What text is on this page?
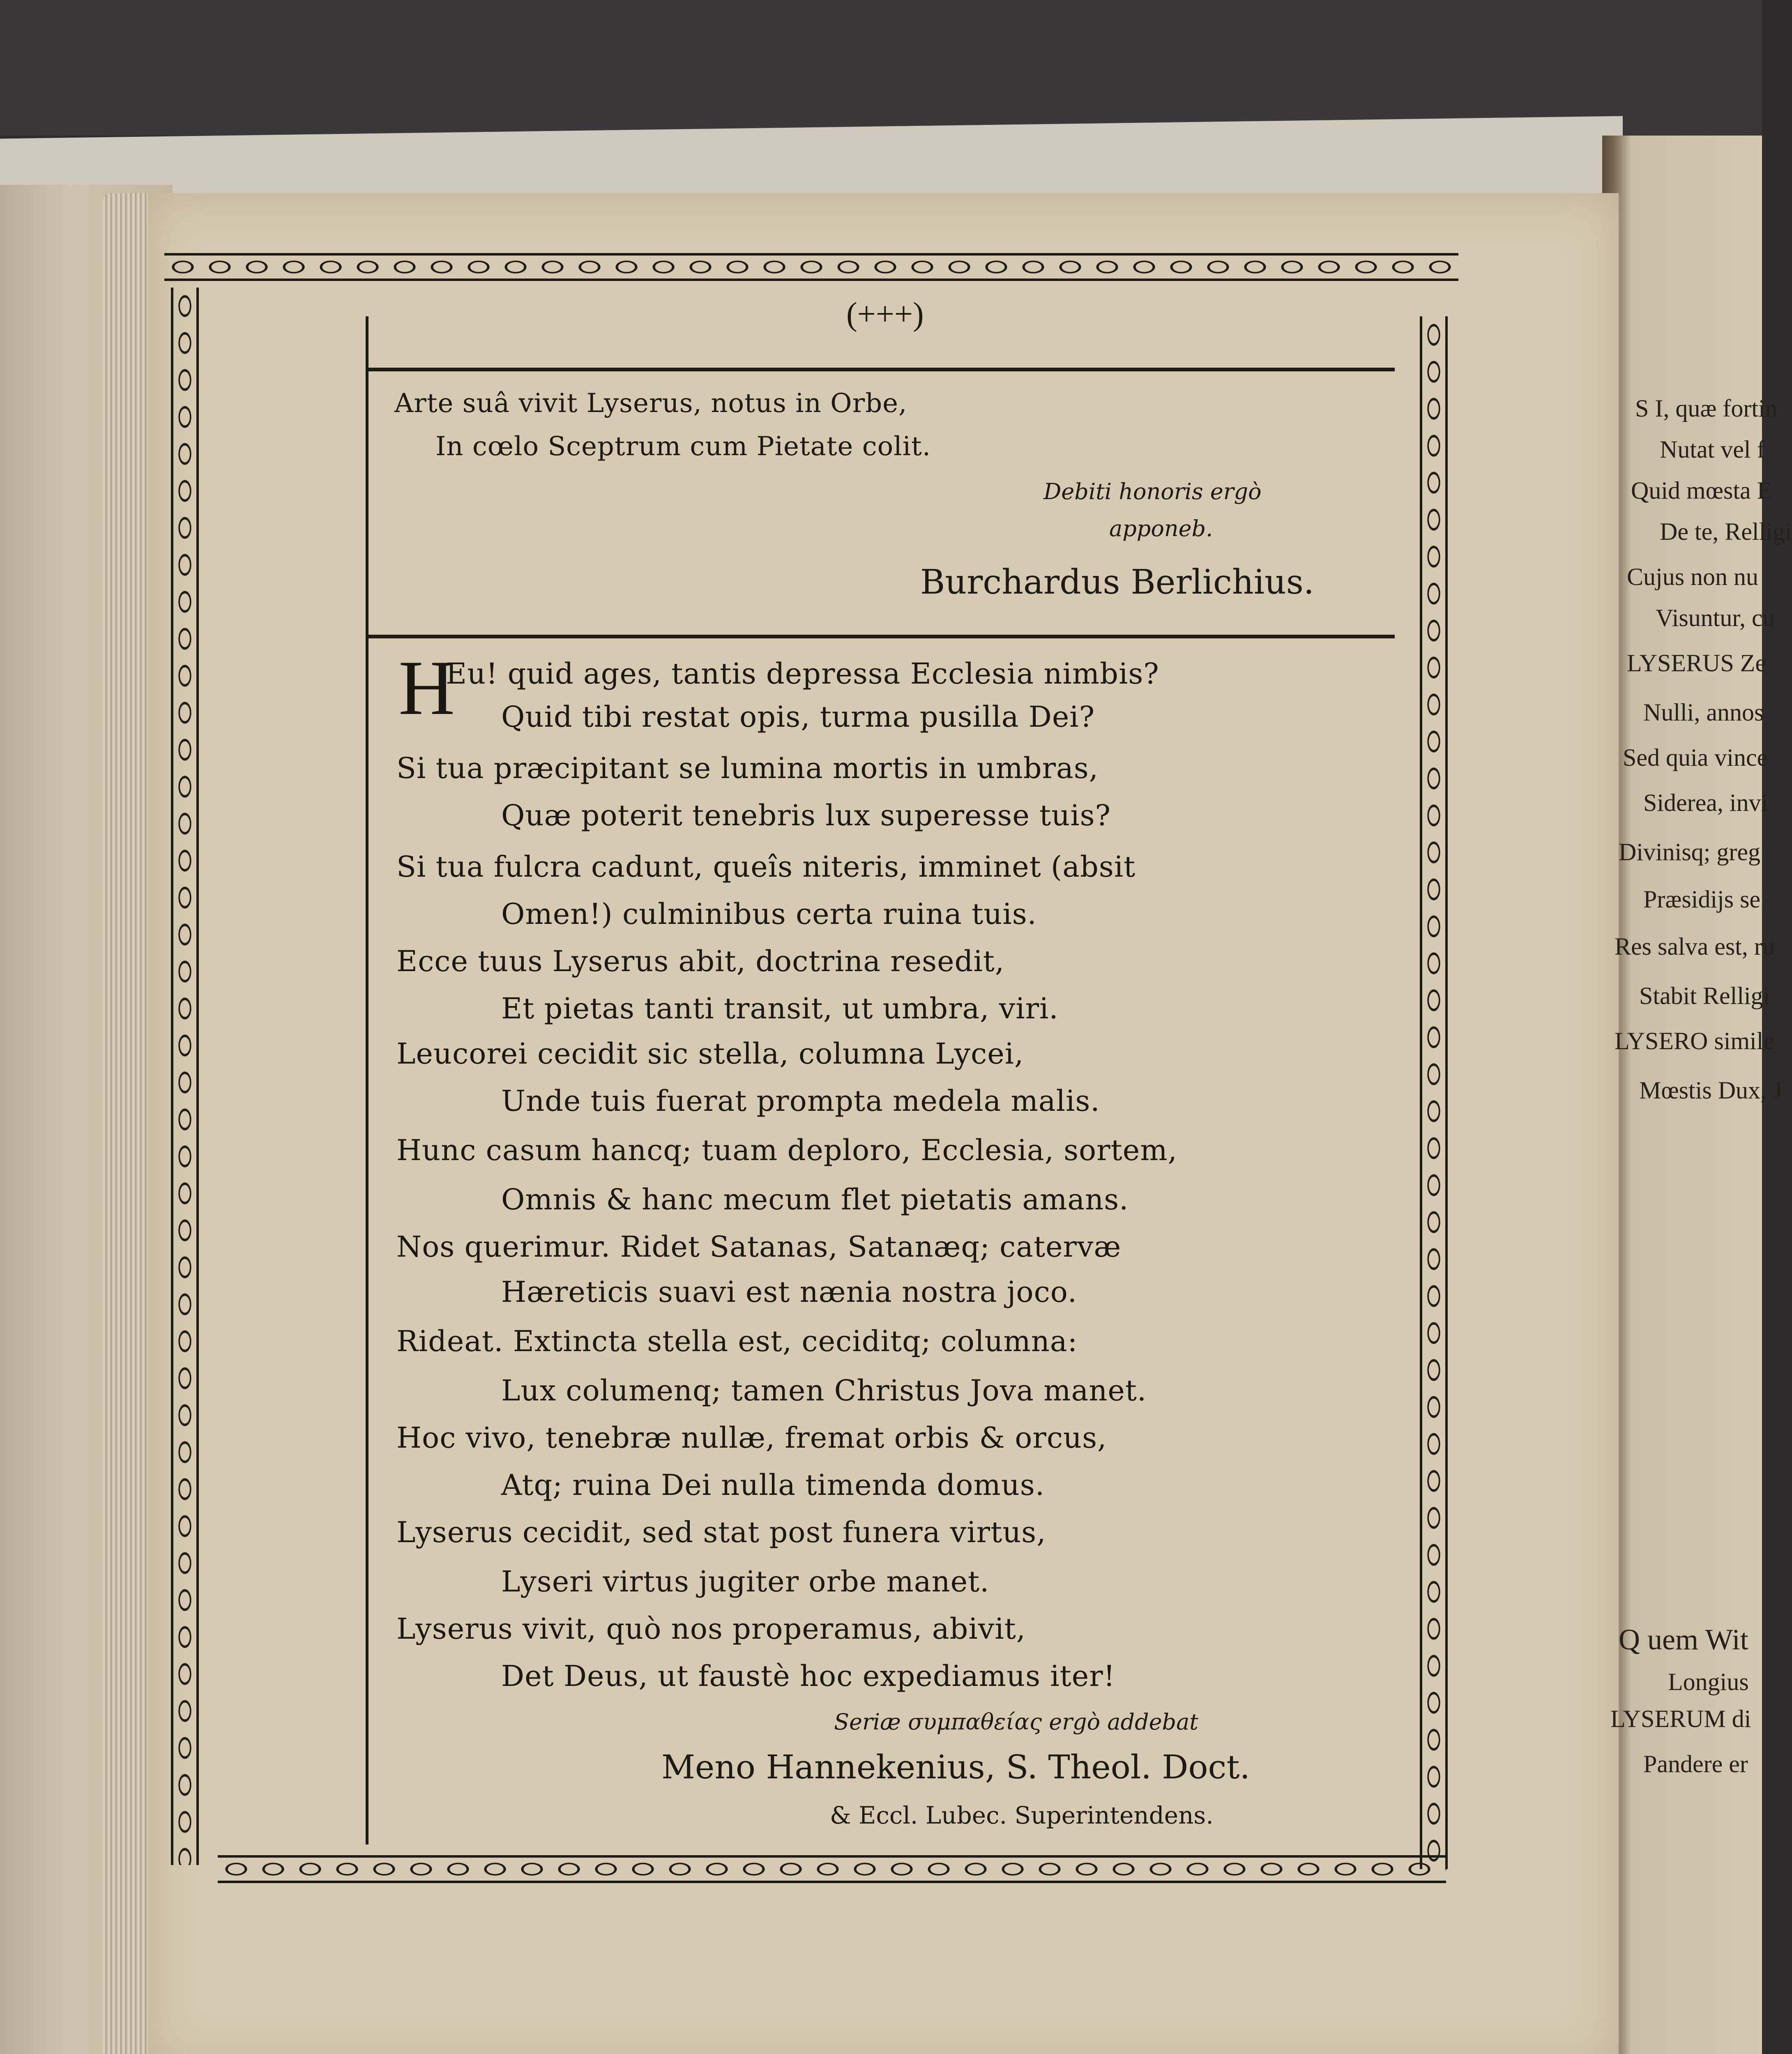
(+++)
Arte suâ vivit Lyserus, notus in Orbe,
In cœlo Sceptrum cum Pietate colit.
Debiti honoris ergò
apponeb.
Burchardus Berlichius.
H
Eu! quid ages, tantis depressa Ecclesia nimbis?
Quid tibi restat opis, turma pusilla Dei?
Si tua præcipitant se lumina mortis in umbras,
Quæ poterit tenebris lux superesse tuis?
Si tua fulcra cadunt, queîs niteris, imminet (absit
Omen!) culminibus certa ruina tuis.
Ecce tuus Lyserus abit, doctrina resedit,
Et pietas tanti transit, ut umbra, viri.
Leucorei cecidit sic stella, columna Lycei,
Unde tuis fuerat prompta medela malis.
Hunc casum hancq; tuam deploro, Ecclesia, sortem,
Omnis & hanc mecum flet pietatis amans.
Nos querimur. Ridet Satanas, Satanæq; catervæ
Hæreticis suavi est nænia nostra joco.
Rideat. Extincta stella est, ceciditq; columna:
Lux columenq; tamen Christus Jova manet.
Hoc vivo, tenebræ nullæ, fremat orbis & orcus,
Atq; ruina Dei nulla timenda domus.
Lyserus cecidit, sed stat post funera virtus,
Lyseri virtus jugiter orbe manet.
Lyserus vivit, quò nos properamus, abivit,
Det Deus, ut faustè hoc expediamus iter!
Seriæ συμπαθείας ergò addebat
Meno Hannekenius, S. Theol. Doct.
& Eccl. Lubec. Superintendens.
S I, quæ fortin
Nutat vel f
Quid mœsta E
De te, Relligi
Cujus non nu
Visuntur, cu
LYSERUS Ze
Nulli, annos
Sed quia vince
Siderea, invi
Divinisq; greg
Præsidijs se
Res salva est, ru
Stabit Relligi
LYSERO simile
Mœstis Dux, J
Q uem Wit
Longius
LYSERUM di
Pandere er
